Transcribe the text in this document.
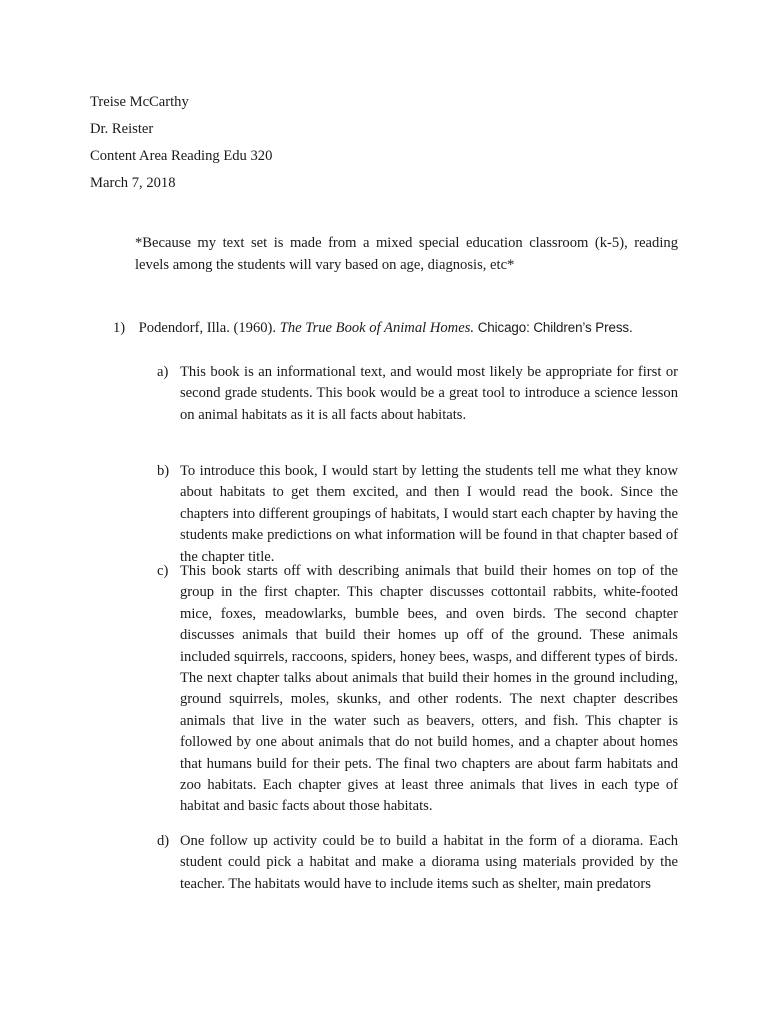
Treise McCarthy
Dr. Reister
Content Area Reading Edu 320
March 7, 2018
*Because my text set is made from a mixed special education classroom (k-5), reading levels among the students will vary based on age, diagnosis, etc*
1) Podendorf, Illa. (1960). The True Book of Animal Homes. Chicago: Children’s Press.
a) This book is an informational text, and would most likely be appropriate for first or second grade students. This book would be a great tool to introduce a science lesson on animal habitats as it is all facts about habitats.
b) To introduce this book, I would start by letting the students tell me what they know about habitats to get them excited, and then I would read the book. Since the chapters into different groupings of habitats, I would start each chapter by having the students make predictions on what information will be found in that chapter based of the chapter title.
c) This book starts off with describing animals that build their homes on top of the group in the first chapter. This chapter discusses cottontail rabbits, white-footed mice, foxes, meadowlarks, bumble bees, and oven birds. The second chapter discusses animals that build their homes up off of the ground. These animals included squirrels, raccoons, spiders, honey bees, wasps, and different types of birds. The next chapter talks about animals that build their homes in the ground including, ground squirrels, moles, skunks, and other rodents. The next chapter describes animals that live in the water such as beavers, otters, and fish. This chapter is followed by one about animals that do not build homes, and a chapter about homes that humans build for their pets. The final two chapters are about farm habitats and zoo habitats. Each chapter gives at least three animals that lives in each type of habitat and basic facts about those habitats.
d) One follow up activity could be to build a habitat in the form of a diorama. Each student could pick a habitat and make a diorama using materials provided by the teacher. The habitats would have to include items such as shelter, main predators
